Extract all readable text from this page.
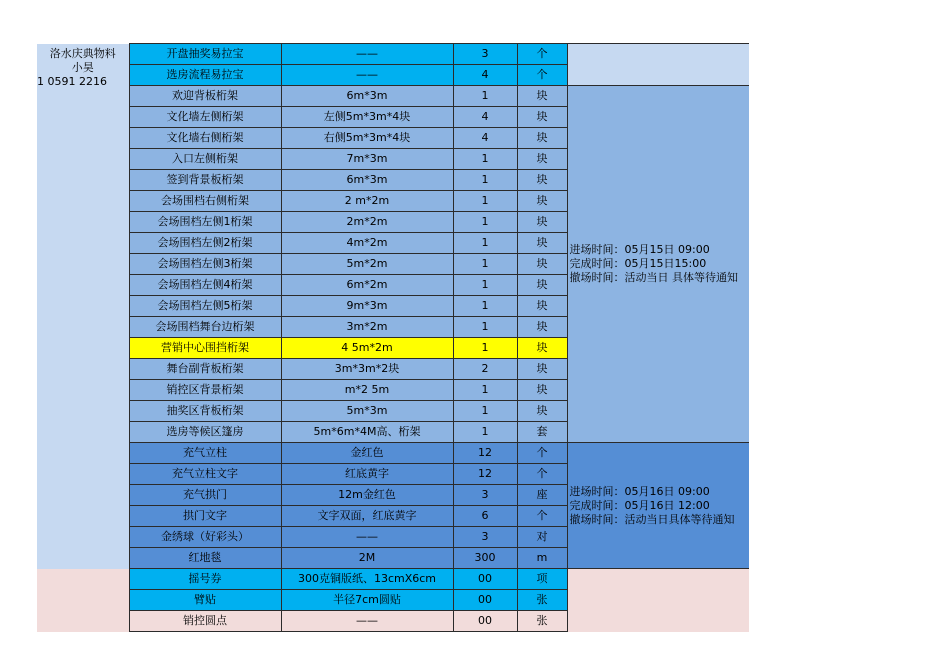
洛水庆典物料
小昊
1 0591 2216	开盘抽奖易拉宝	——	3	个	
	选房流程易拉宝	——	4	个	
	欢迎背板桁架	6m*3m	1	块	进场时间：05月15日 09:00
完成时间：05月15日15:00
撤场时间：活动当日 具体等待通知

	文化墙左侧桁架	左侧5m*3m*4块	4	块	
	文化墙右侧桁架	右侧5m*3m*4块	4	块	
	入口左侧桁架	7m*3m	1	块	
	签到背景板桁架	6m*3m	1	块	
	会场围档右侧桁架	2 m*2m	1	块	
	会场围档左侧1桁架	2m*2m	1	块	
	会场围档左侧2桁架	4m*2m	1	块	
	会场围档左侧3桁架	5m*2m	1	块	
	会场围档左侧4桁架	6m*2m	1	块	
	会场围档左侧5桁架	9m*3m	1	块	
	会场围档舞台边桁架	3m*2m	1	块	
	营销中心围挡桁架	4 5m*2m	1	块	
	舞台副背板桁架	3m*3m*2块	2	块	
	销控区背景桁架	m*2 5m	1	块	
	抽奖区背板桁架	5m*3m	1	块	
	选房等候区篷房	5m*6m*4M高、桁架	1	套	
	充气立柱	金红色	12	个	进场时间：05月16日 09:00
完成时间：05月16日 12:00
撤场时间：活动当日具体等待通知

	充气立柱文字	红底黄字	12	个	
	充气拱门	12m金红色	3	座	
	拱门文字	文字双面，红底黄字	6	个	
	金绣球（好彩头）	——	3	对	
	红地毯	2M	300	m	
	摇号券	300克铜版纸、13cmX6cm	00	项	
	臂贴	半径7cm圆贴	00	张	
	销控圆点	——	00	张	
